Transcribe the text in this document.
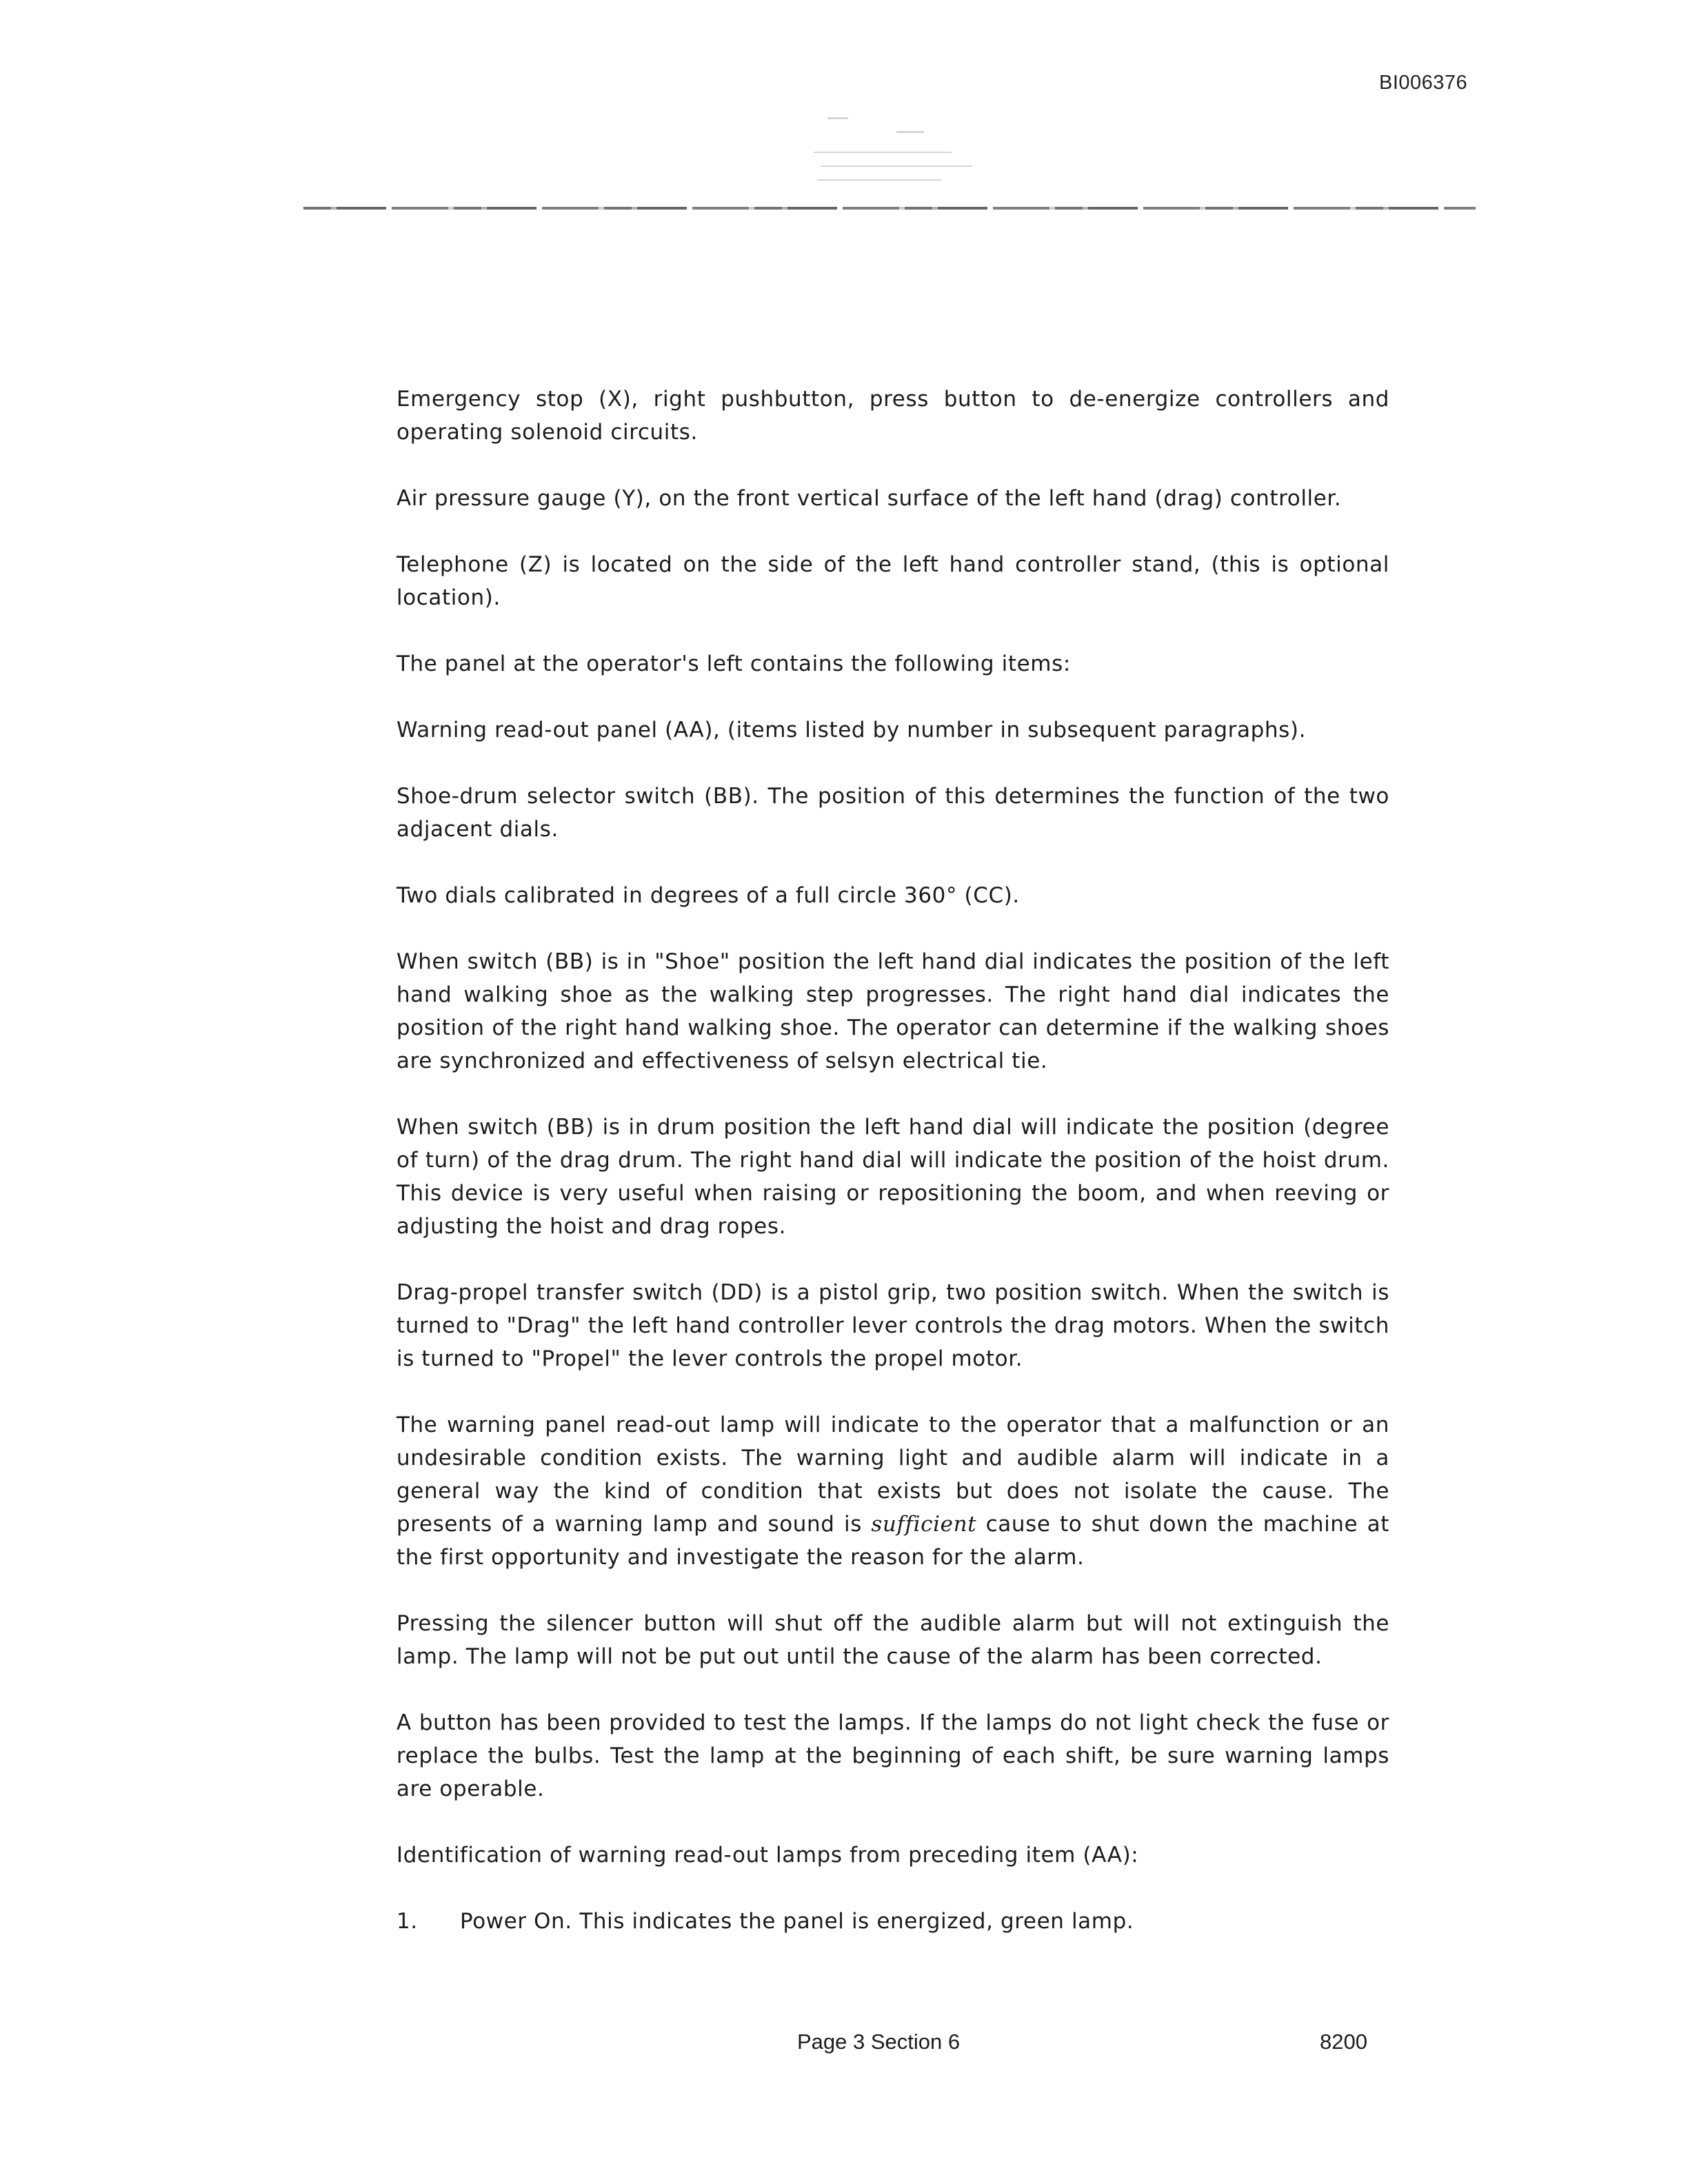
BI006376

Emergency stop (X), right pushbutton, press button to de-energize controllers and operating solenoid circuits.

Air pressure gauge (Y), on the front vertical surface of the left hand (drag) controller.

Telephone (Z) is located on the side of the left hand controller stand, (this is optional location).

The panel at the operator's left contains the following items:

Warning read-out panel (AA), (items listed by number in subsequent paragraphs).

Shoe-drum selector switch (BB). The position of this determines the function of the two adjacent dials.

Two dials calibrated in degrees of a full circle 360° (CC).

When switch (BB) is in "Shoe" position the left hand dial indicates the position of the left hand walking shoe as the walking step progresses. The right hand dial indicates the position of the right hand walking shoe. The operator can determine if the walking shoes are synchronized and effectiveness of selsyn electrical tie.

When switch (BB) is in drum position the left hand dial will indicate the position (degree of turn) of the drag drum. The right hand dial will indicate the position of the hoist drum. This device is very useful when raising or repositioning the boom, and when reeving or adjusting the hoist and drag ropes.

Drag-propel transfer switch (DD) is a pistol grip, two position switch. When the switch is turned to "Drag" the left hand controller lever controls the drag motors. When the switch is turned to "Propel" the lever controls the propel motor.

The warning panel read-out lamp will indicate to the operator that a malfunction or an undesirable condition exists. The warning light and audible alarm will indicate in a general way the kind of condition that exists but does not isolate the cause. The presents of a warning lamp and sound is sufficient cause to shut down the machine at the first opportunity and investigate the reason for the alarm.

Pressing the silencer button will shut off the audible alarm but will not extinguish the lamp. The lamp will not be put out until the cause of the alarm has been corrected.

A button has been provided to test the lamps. If the lamps do not light check the fuse or replace the bulbs. Test the lamp at the beginning of each shift, be sure warning lamps are operable.

Identification of warning read-out lamps from preceding item (AA):

1.	Power On. This indicates the panel is energized, green lamp.
Page 3 Section 6	8200
